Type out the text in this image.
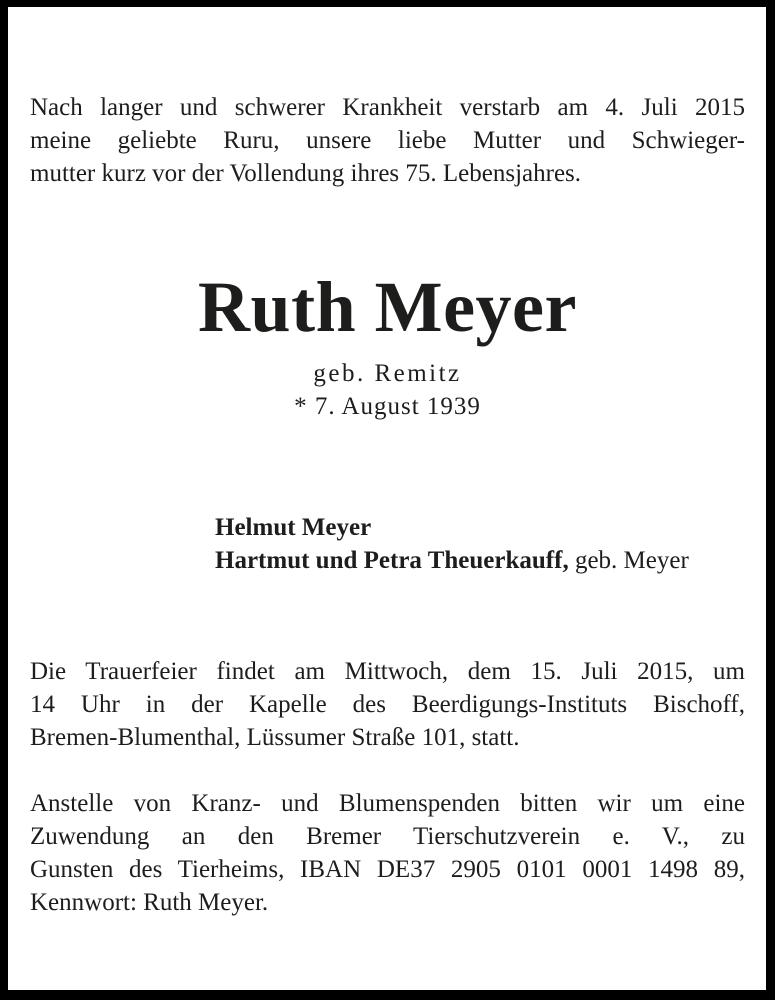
Nach langer und schwerer Krankheit verstarb am 4. Juli 2015
meine geliebte Ruru, unsere liebe Mutter und Schwieger-
mutter kurz vor der Vollendung ihres 75. Lebensjahres.
Ruth Meyer
geb. Remitz
* 7. August 1939
Helmut Meyer
Hartmut und Petra Theuerkauff, geb. Meyer
Die Trauerfeier findet am Mittwoch, dem 15. Juli 2015, um
14 Uhr in der Kapelle des Beerdigungs-Instituts Bischoff,
Bremen-Blumenthal, Lüssumer Straße 101, statt.
Anstelle von Kranz- und Blumenspenden bitten wir um eine
Zuwendung an den Bremer Tierschutzverein e. V., zu
Gunsten des Tierheims, IBAN DE37 2905 0101 0001 1498 89,
Kennwort: Ruth Meyer.
